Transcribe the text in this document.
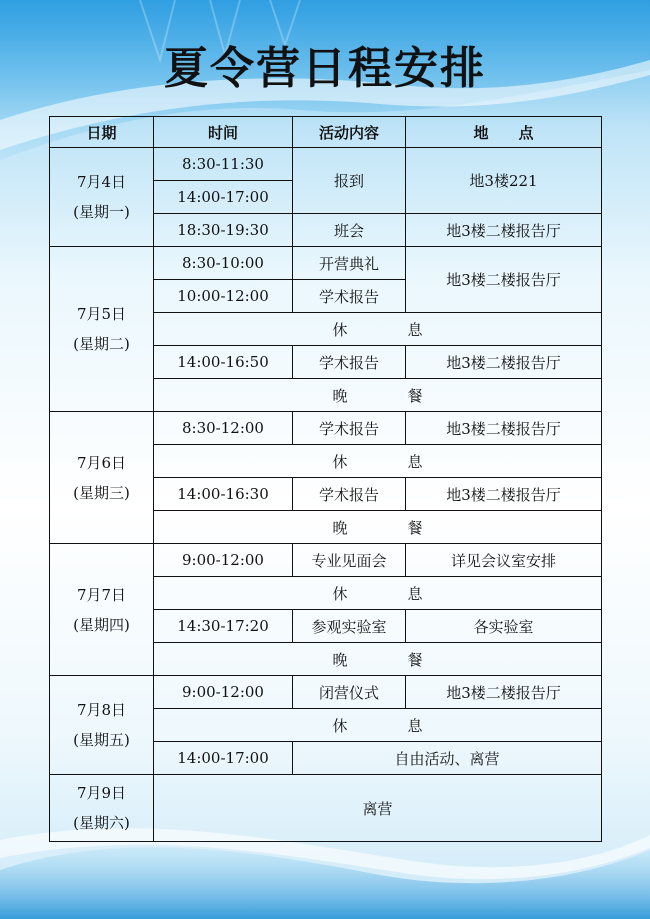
夏令营日程安排
日期	时间	活动内容	地　　点

7月4日
(星期一)	8:30-11:30	报到	地3楼221
	14:00-17:00		
	18:30-19:30	班会	地3楼二楼报告厅

7月5日
(星期二)	8:30-10:00	开营典礼	地3楼二楼报告厅
	10:00-12:00	学术报告	
	休　　　　息		
	14:00-16:50	学术报告	地3楼二楼报告厅
	晚　　　　餐		

7月6日
(星期三)	8:30-12:00	学术报告	地3楼二楼报告厅
	休　　　　息		
	14:00-16:30	学术报告	地3楼二楼报告厅
	晚　　　　餐		

7月7日
(星期四)	9:00-12:00	专业见面会	详见会议室安排
	休　　　　息		
	14:30-17:20	参观实验室	各实验室
	晚　　　　餐		

7月8日
(星期五)	9:00-12:00	闭营仪式	地3楼二楼报告厅
	休　　　　息		
	14:00-17:00	自由活动、离营	

7月9日
(星期六)	离营		
